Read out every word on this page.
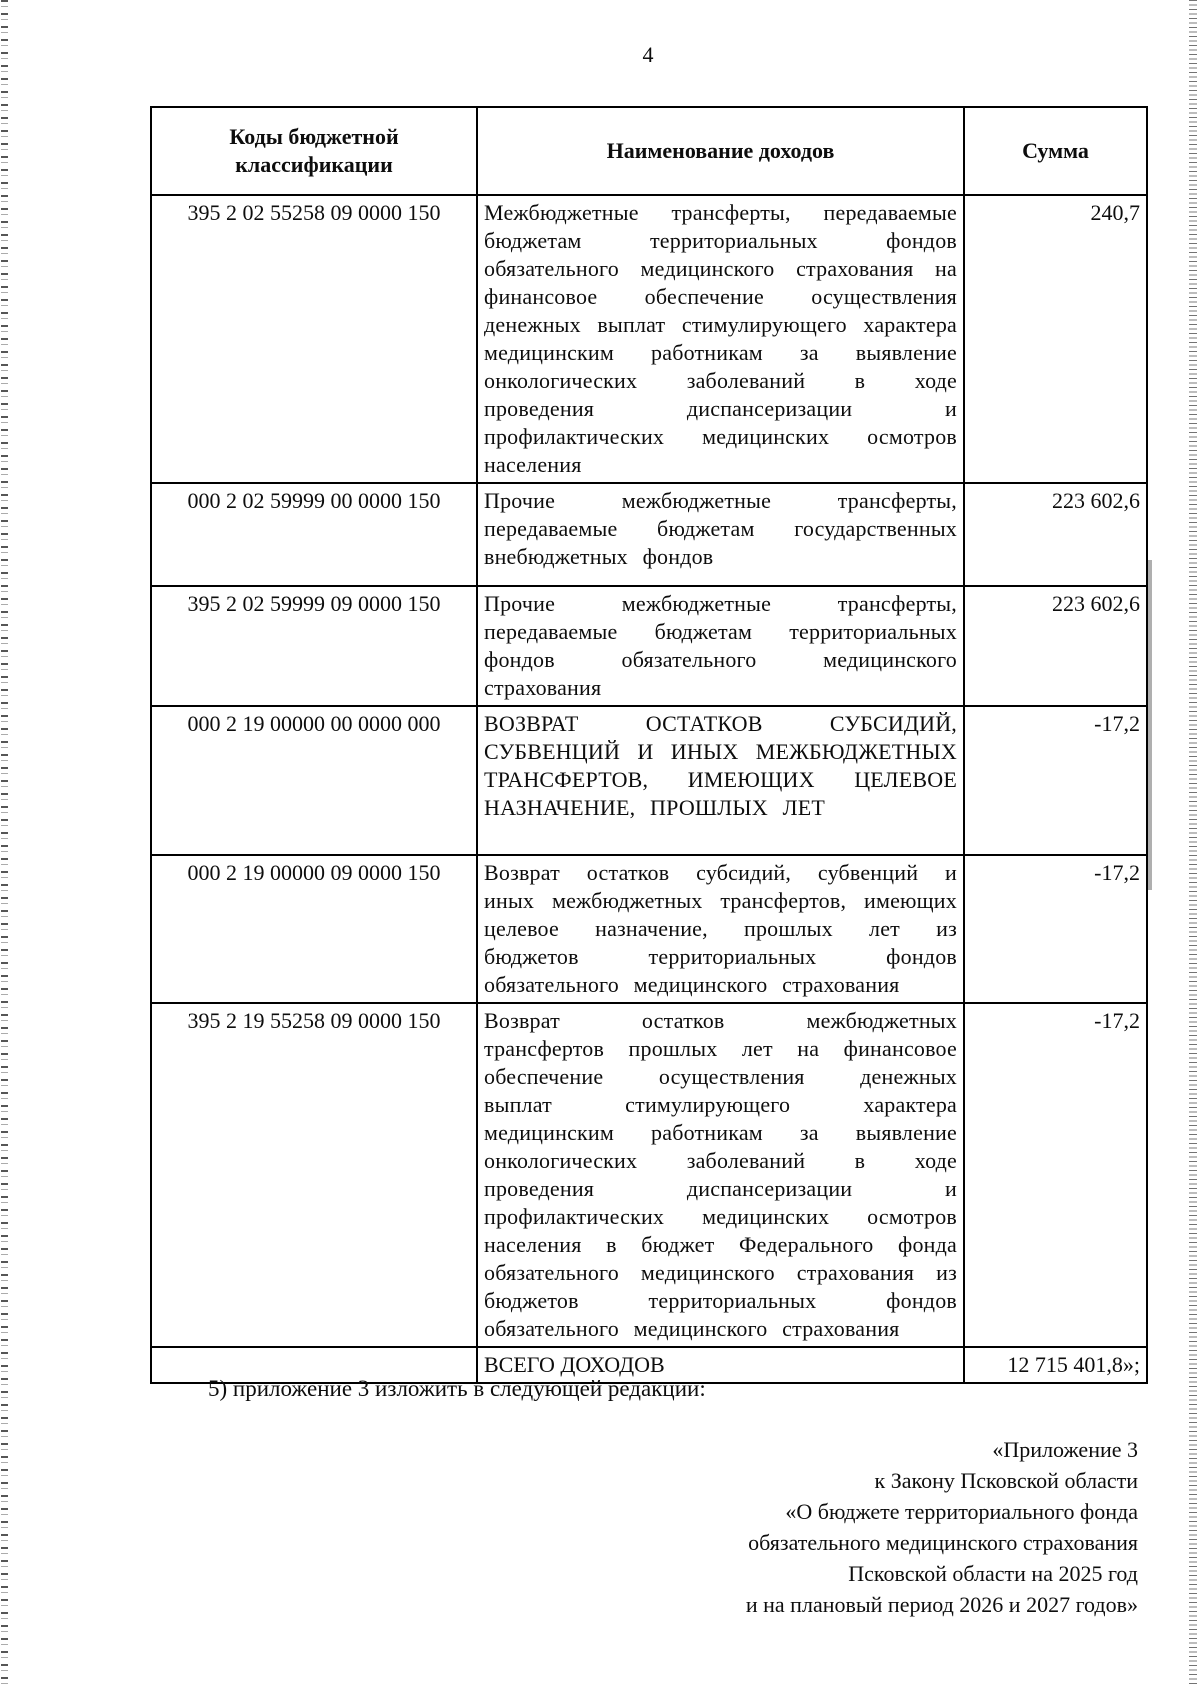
4
Коды бюджетной классификации	Наименование доходов	Сумма
395 2 02 55258 09 0000 150	Межбюджетные трансферты, передаваемые бюджетам территориальных фондов обязательного медицинского страхования на финансовое обеспечение осуществления денежных выплат стимулирующего характера медицинским работникам за выявление онкологических заболеваний в ходе проведения диспансеризации и профилактических медицинских осмотров населения	240,7
000 2 02 59999 00 0000 150	Прочие межбюджетные трансферты, передаваемые бюджетам государственных внебюджетных фондов	223 602,6
395 2 02 59999 09 0000 150	Прочие межбюджетные трансферты, передаваемые бюджетам территориальных фондов обязательного медицинского страхования	223 602,6
000 2 19 00000 00 0000 000	ВОЗВРАТ ОСТАТКОВ СУБСИДИЙ, СУБВЕНЦИЙ И ИНЫХ МЕЖБЮДЖЕТНЫХ ТРАНСФЕРТОВ, ИМЕЮЩИХ ЦЕЛЕВОЕ НАЗНАЧЕНИЕ, ПРОШЛЫХ ЛЕТ	-17,2
000 2 19 00000 09 0000 150	Возврат остатков субсидий, субвенций и иных межбюджетных трансфертов, имеющих целевое назначение, прошлых лет из бюджетов территориальных фондов обязательного медицинского страхования	-17,2
395 2 19 55258 09 0000 150	Возврат остатков межбюджетных трансфертов прошлых лет на финансовое обеспечение осуществления денежных выплат стимулирующего характера медицинским работникам за выявление онкологических заболеваний в ходе проведения диспансеризации и профилактических медицинских осмотров населения в бюджет Федерального фонда обязательного медицинского страхования из бюджетов территориальных фондов обязательного медицинского страхования	-17,2
	ВСЕГО ДОХОДОВ	12 715 401,8»;
5) приложение 3 изложить в следующей редакции:
«Приложение 3
к Закону Псковской области
«О бюджете территориального фонда
обязательного медицинского страхования
Псковской области на 2025 год
и на плановый период 2026 и 2027 годов»
